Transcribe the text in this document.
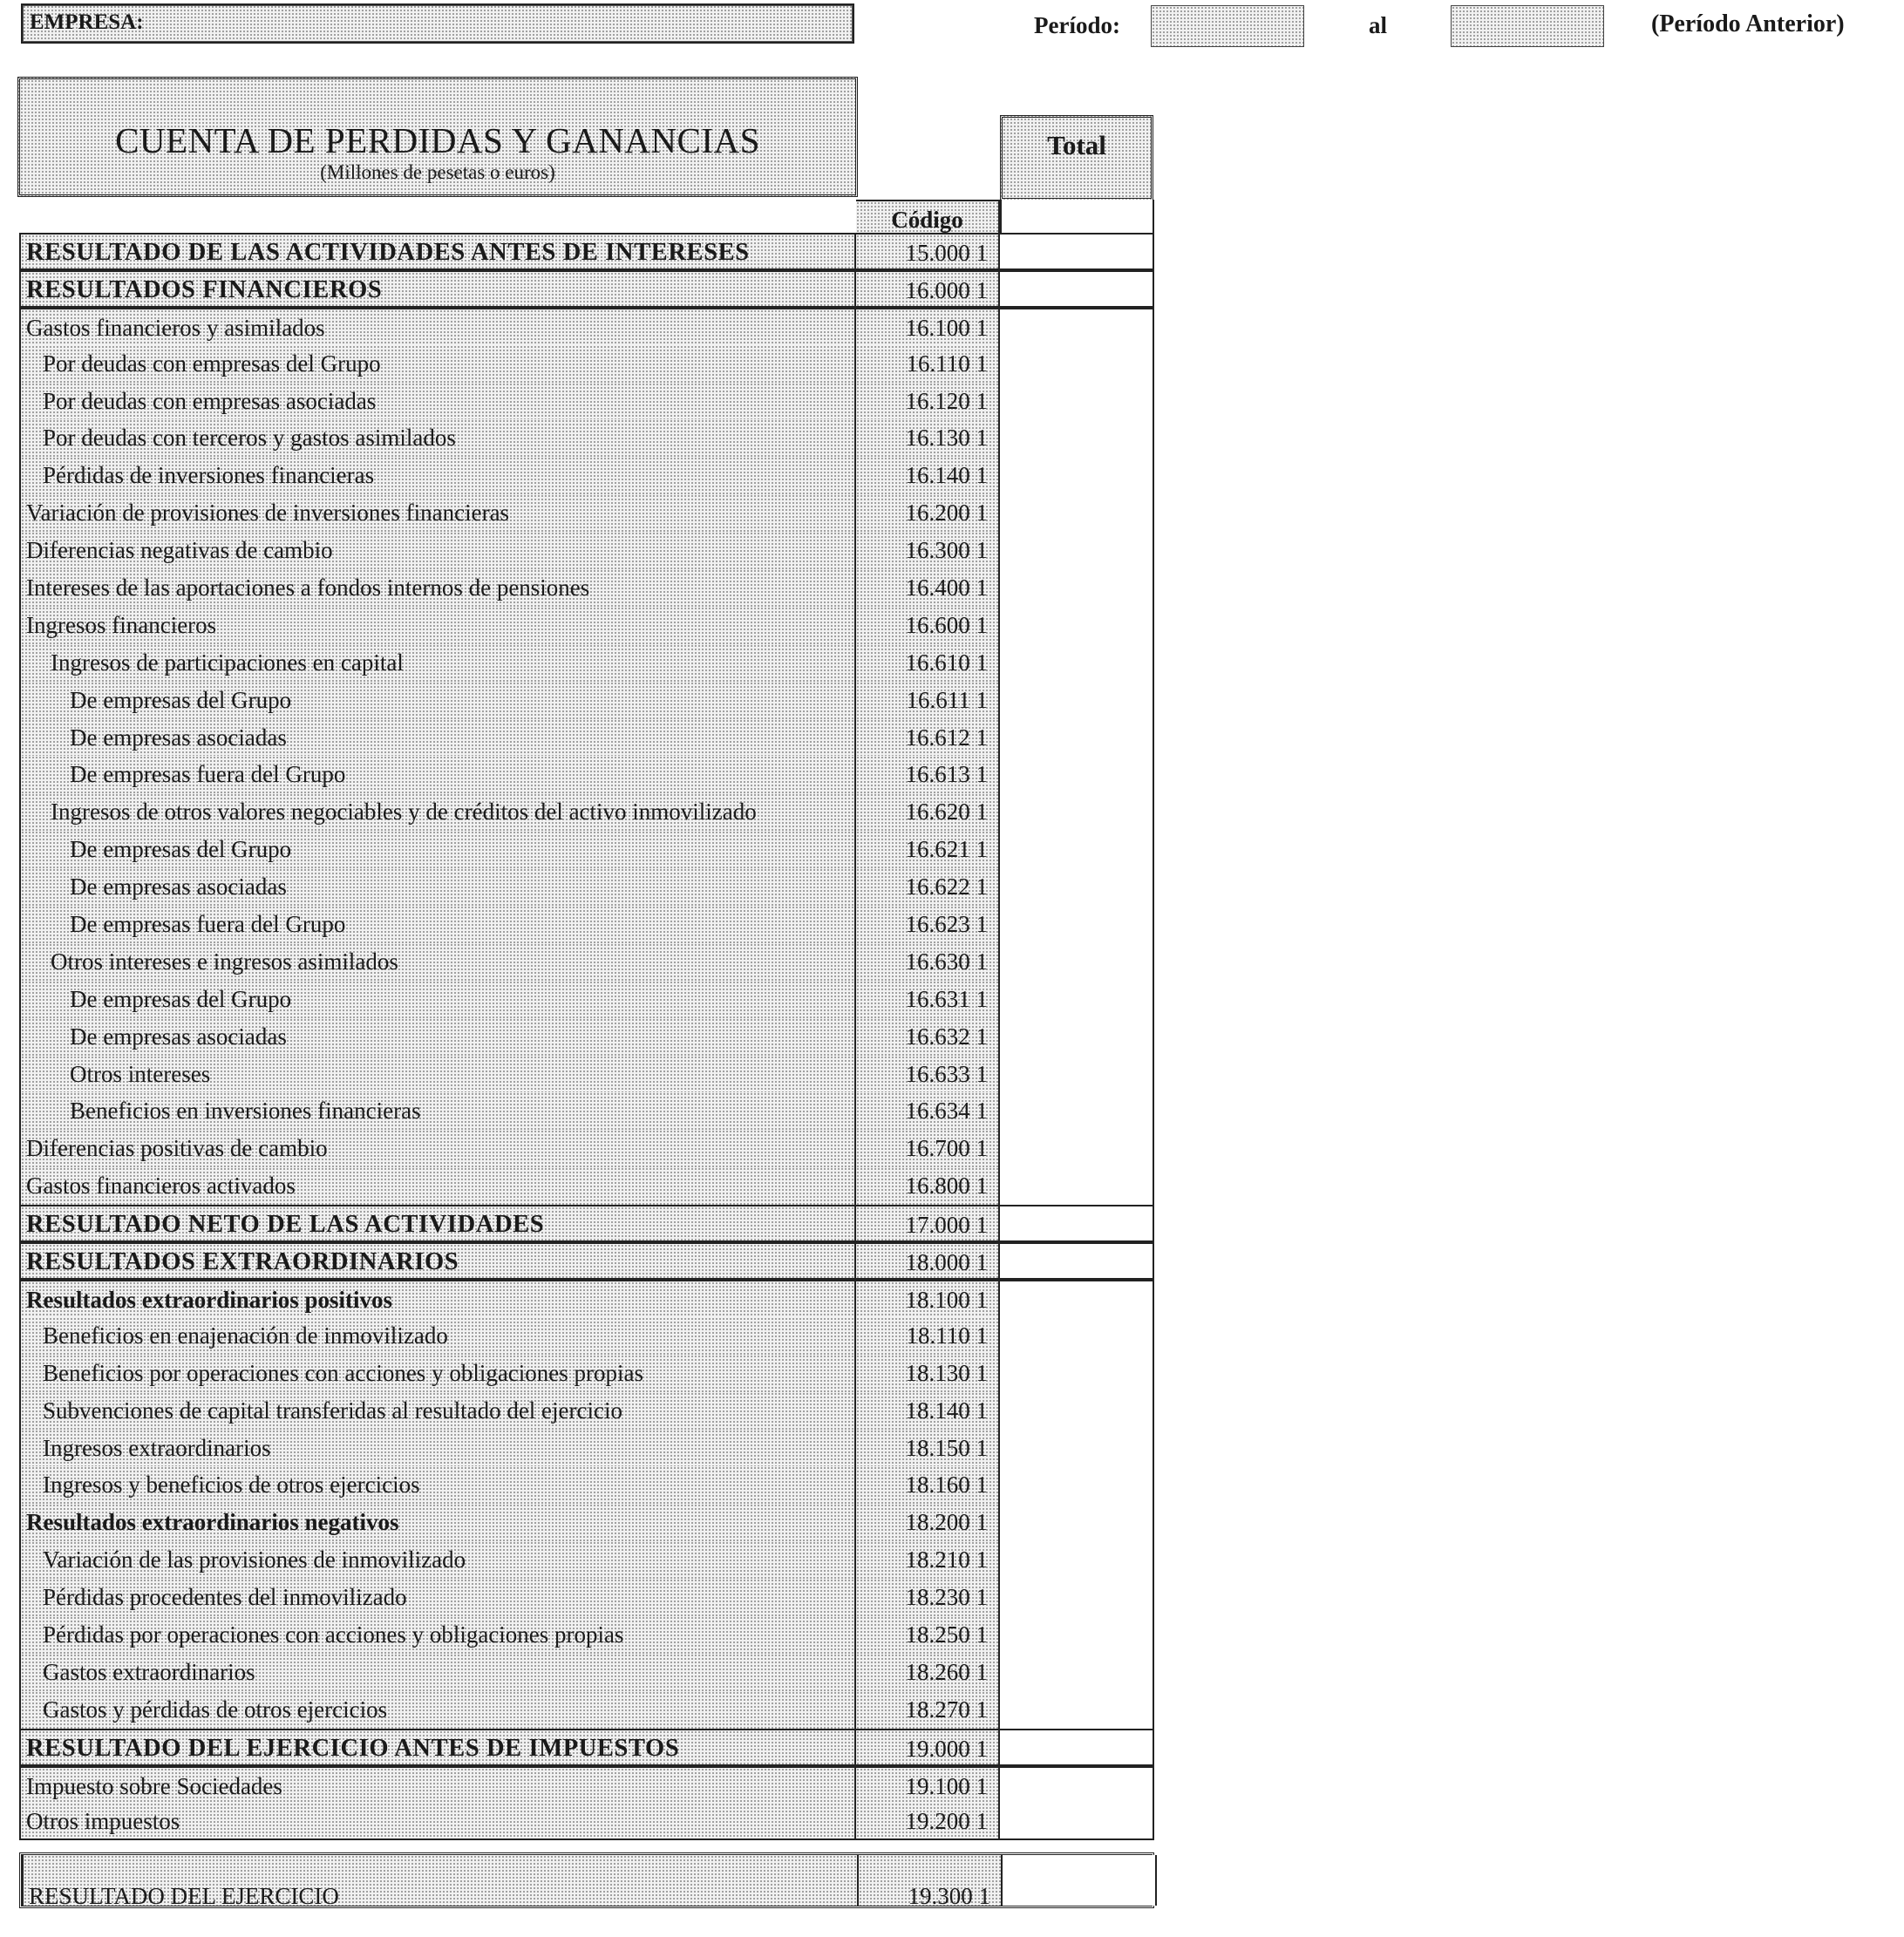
EMPRESA:	Período:	al	(Período Anterior)
CUENTA DE PERDIDAS Y GANANCIAS
(Millones de pesetas o euros)
Total
Código
RESULTADO DE LAS ACTIVIDADES ANTES DE INTERESES	15.000 1
RESULTADOS FINANCIEROS	16.000 1
Gastos financieros y asimilados	16.100 1
Por deudas con empresas del Grupo	16.110 1
Por deudas con empresas asociadas	16.120 1
Por deudas con terceros y gastos asimilados	16.130 1
Pérdidas de inversiones financieras	16.140 1
Variación de provisiones de inversiones financieras	16.200 1
Diferencias negativas de cambio	16.300 1
Intereses de las aportaciones a fondos internos de pensiones	16.400 1
Ingresos financieros	16.600 1
Ingresos de participaciones en capital	16.610 1
De empresas del Grupo	16.611 1
De empresas asociadas	16.612 1
De empresas fuera del Grupo	16.613 1
Ingresos de otros valores negociables y de créditos del activo inmovilizado	16.620 1
De empresas del Grupo	16.621 1
De empresas asociadas	16.622 1
De empresas fuera del Grupo	16.623 1
Otros intereses e ingresos asimilados	16.630 1
De empresas del Grupo	16.631 1
De empresas asociadas	16.632 1
Otros intereses	16.633 1
Beneficios en inversiones financieras	16.634 1
Diferencias positivas de cambio	16.700 1
Gastos financieros activados	16.800 1
RESULTADO NETO DE LAS ACTIVIDADES	17.000 1
RESULTADOS EXTRAORDINARIOS	18.000 1
Resultados extraordinarios positivos	18.100 1
Beneficios en enajenación de inmovilizado	18.110 1
Beneficios por operaciones con acciones y obligaciones propias	18.130 1
Subvenciones de capital transferidas al resultado del ejercicio	18.140 1
Ingresos extraordinarios	18.150 1
Ingresos y beneficios de otros ejercicios	18.160 1
Resultados extraordinarios negativos	18.200 1
Variación de las provisiones de inmovilizado	18.210 1
Pérdidas procedentes del inmovilizado	18.230 1
Pérdidas por operaciones con acciones y obligaciones propias	18.250 1
Gastos extraordinarios	18.260 1
Gastos y pérdidas de otros ejercicios	18.270 1
RESULTADO DEL EJERCICIO ANTES DE IMPUESTOS	19.000 1
Impuesto sobre Sociedades	19.100 1
Otros impuestos	19.200 1
RESULTADO DEL EJERCICIO	19.300 1
